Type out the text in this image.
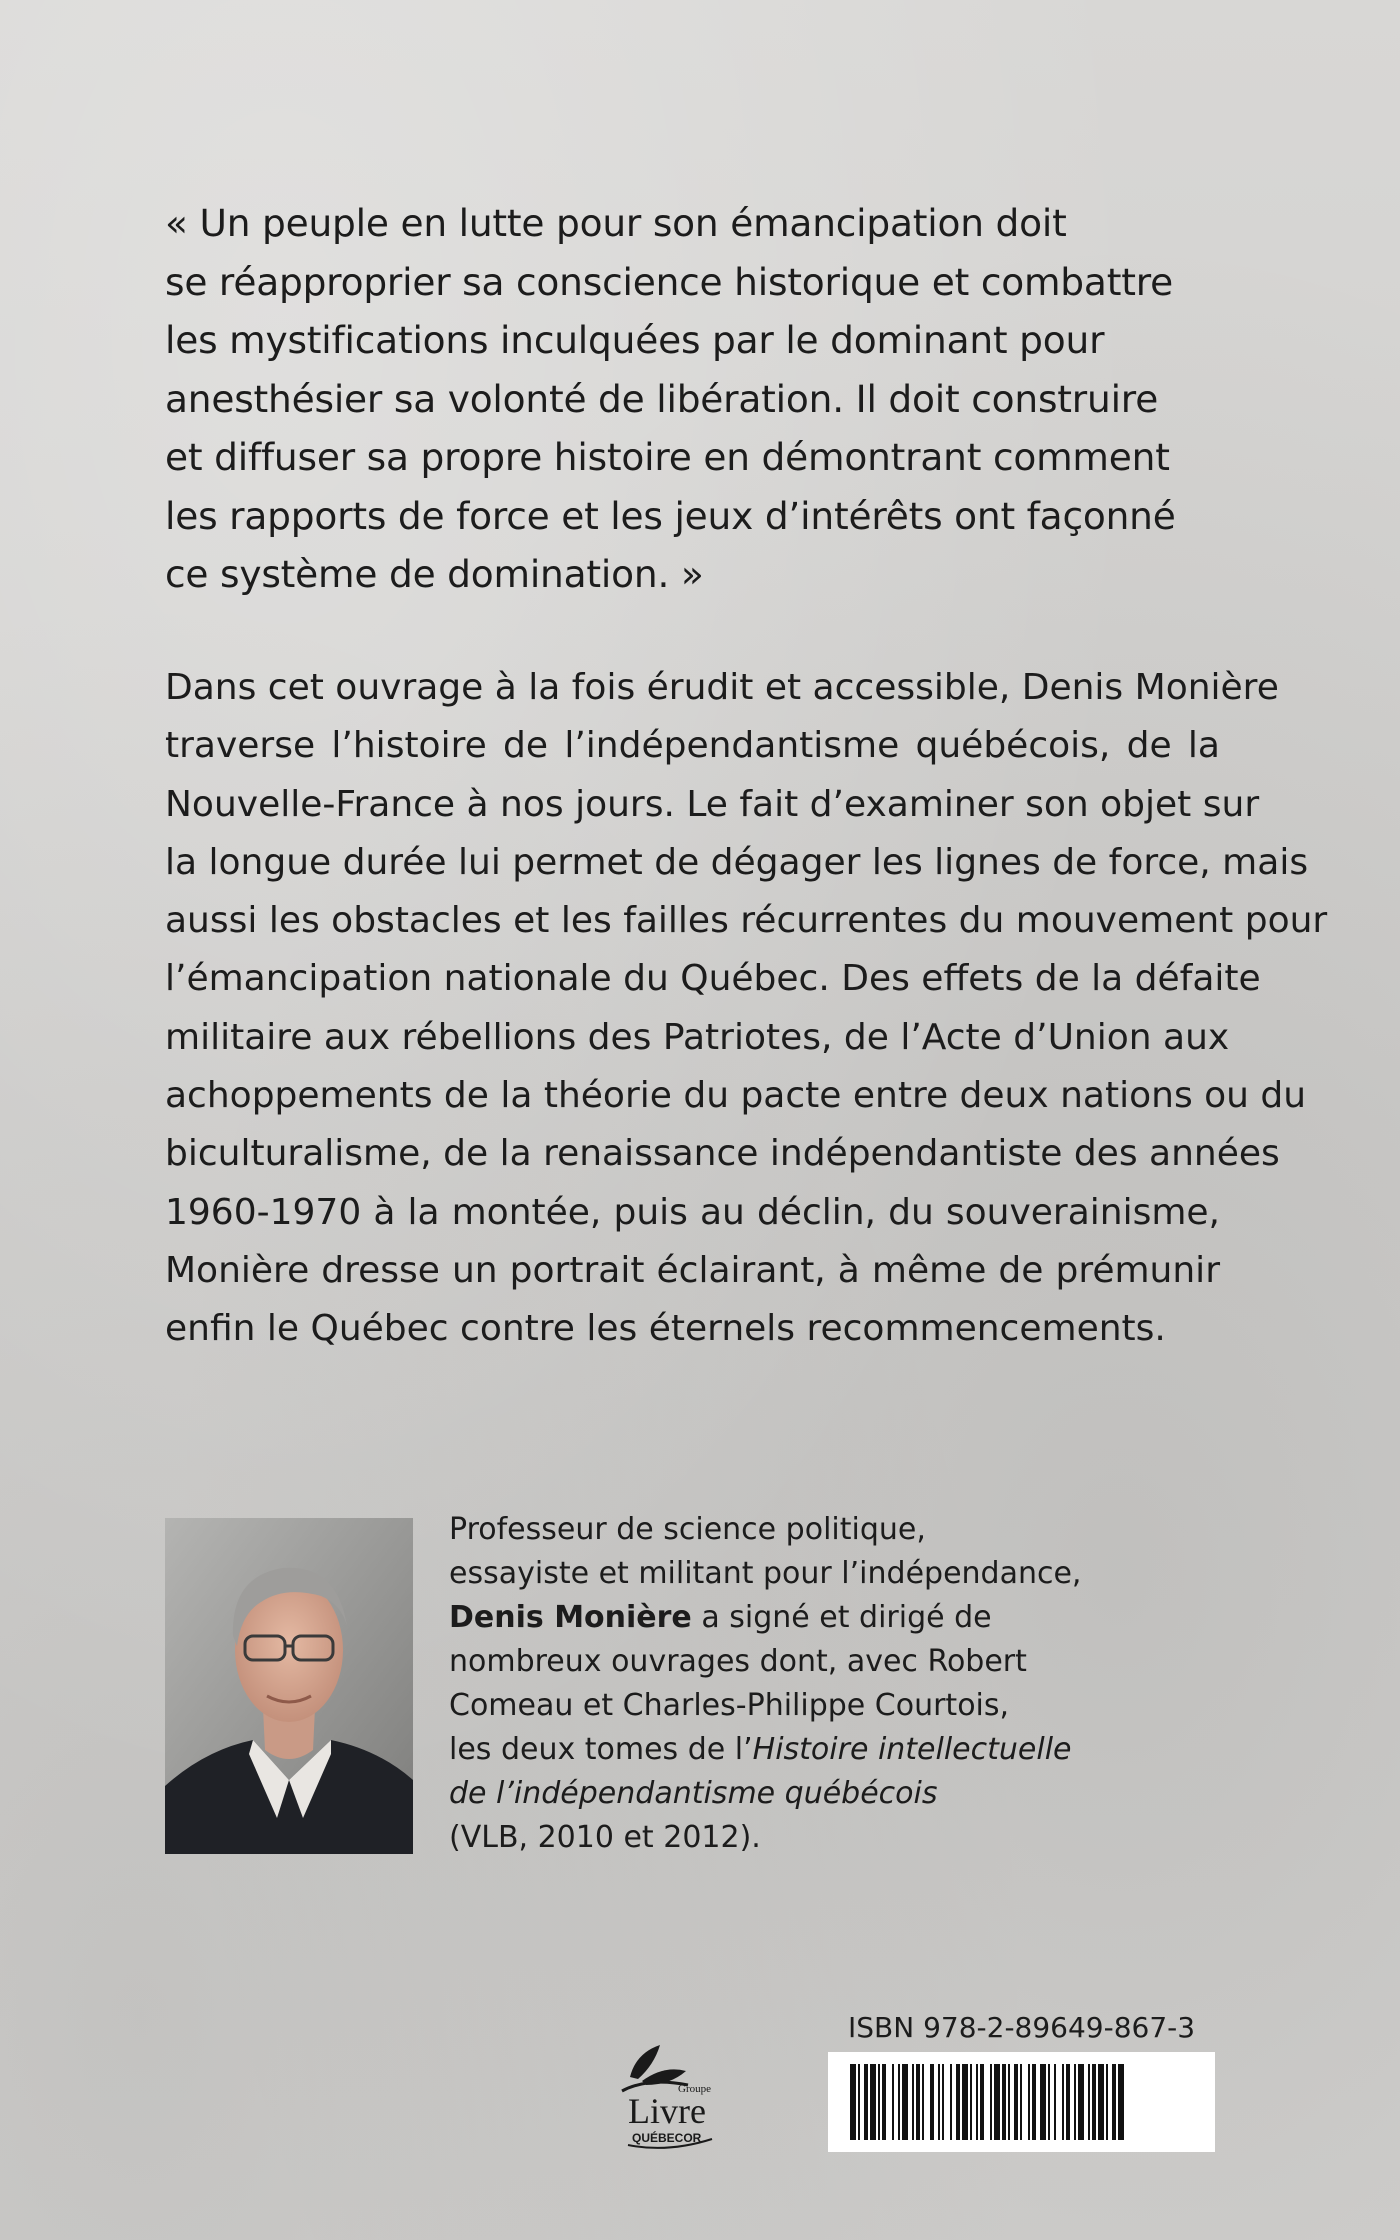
« Un peuple en lutte pour son émancipation doit
se réapproprier sa conscience historique et combattre
les mystifications inculquées par le dominant pour
anesthésier sa volonté de libération. Il doit construire
et diffuser sa propre histoire en démontrant comment
les rapports de force et les jeux d’intérêts ont façonné
ce système de domination. »
Dans cet ouvrage à la fois érudit et accessible, Denis Monière
traverse l’histoire de l’indépendantisme québécois, de la
Nouvelle-France à nos jours. Le fait d’examiner son objet sur
la longue durée lui permet de dégager les lignes de force, mais
aussi les obstacles et les failles récurrentes du mouvement pour
l’émancipation nationale du Québec. Des effets de la défaite
militaire aux rébellions des Patriotes, de l’Acte d’Union aux
achoppements de la théorie du pacte entre deux nations ou du
biculturalisme, de la renaissance indépendantiste des années
1960-1970 à la montée, puis au déclin, du souverainisme,
Monière dresse un portrait éclairant, à même de prémunir
enfin le Québec contre les éternels recommencements.
Professeur de science politique,
essayiste et militant pour l’indépendance,
Denis Monière a signé et dirigé de
nombreux ouvrages dont, avec Robert
Comeau et Charles-Philippe Courtois,
les deux tomes de l’Histoire intellectuelle
de l’indépendantisme québécois
(VLB, 2010 et 2012).
Groupe
Livre
QUÉBECOR
ISBN 978-2-89649-867-3
